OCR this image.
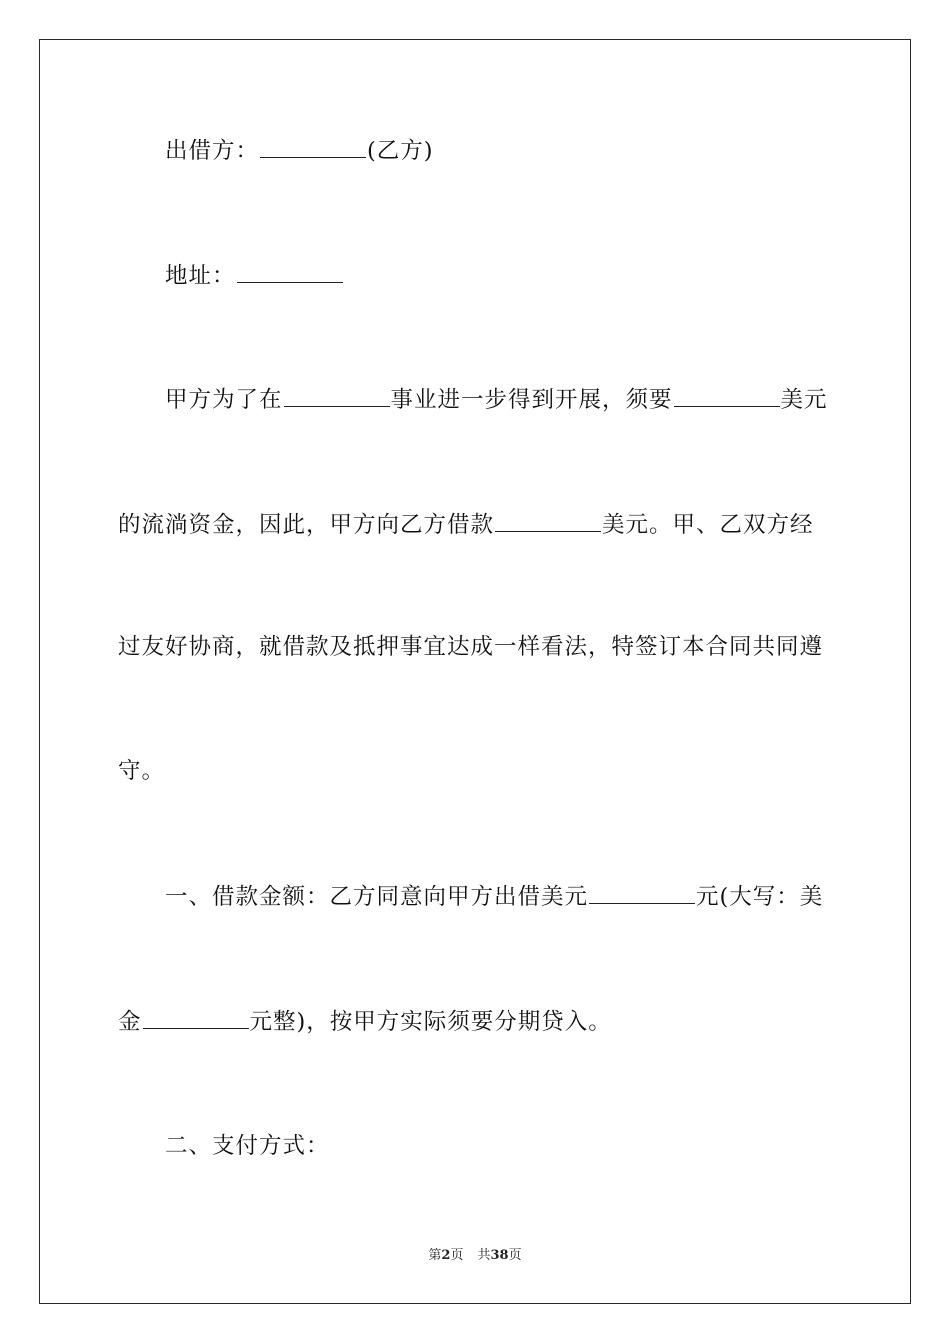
出借方：	(乙方)
地址：
甲方为了在	事业进一步得到开展，须要	美元
的流淌资金，因此，甲方向乙方借款	美元。甲、乙双方经
过友好协商，就借款及抵押事宜达成一样看法，特签订本合同共同遵
守。
一、借款金额：乙方同意向甲方出借美元	元(大写：美
金	元整)，按甲方实际须要分期贷入。
二、支付方式：
第2页 共38页
